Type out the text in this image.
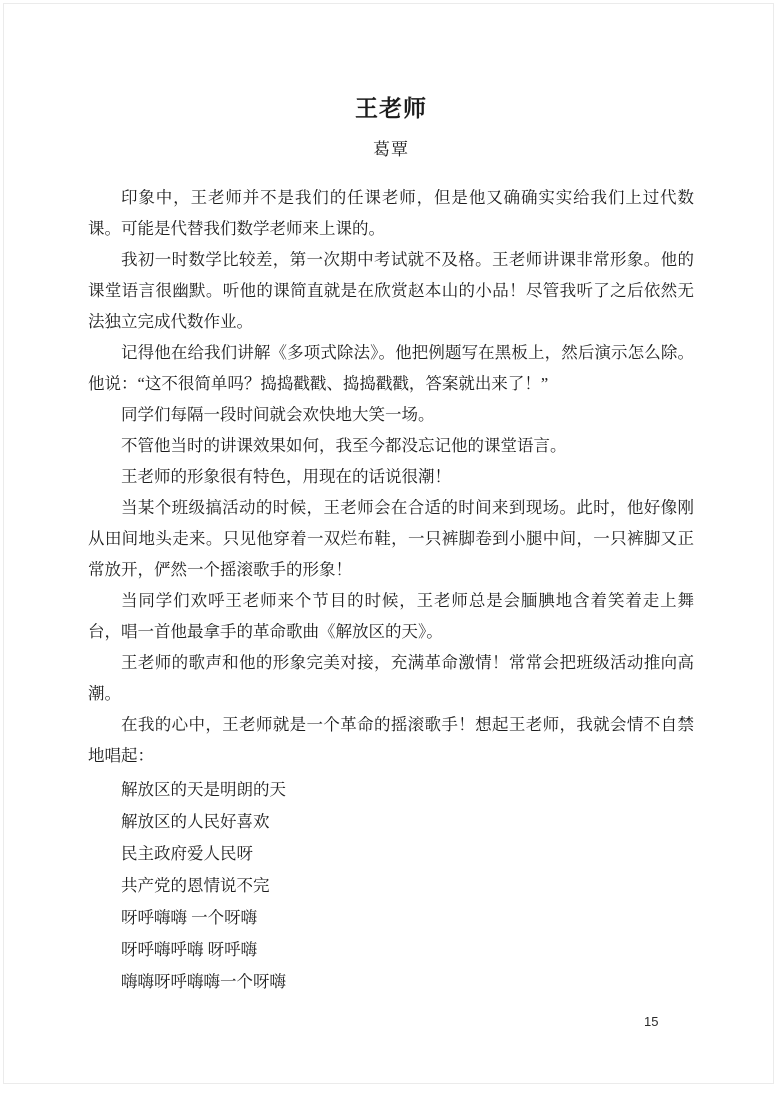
王老师
葛覃

印象中，王老师并不是我们的任课老师，但是他又确确实实给我们上过代数课。可能是代替我们数学老师来上课的。

我初一时数学比较差，第一次期中考试就不及格。王老师讲课非常形象。他的课堂语言很幽默。听他的课简直就是在欣赏赵本山的小品！尽管我听了之后依然无法独立完成代数作业。

记得他在给我们讲解《多项式除法》。他把例题写在黑板上，然后演示怎么除。他说：“这不很简单吗？捣捣戳戳、捣捣戳戳，答案就出来了！”

同学们每隔一段时间就会欢快地大笑一场。

不管他当时的讲课效果如何，我至今都没忘记他的课堂语言。

王老师的形象很有特色，用现在的话说很潮！

当某个班级搞活动的时候，王老师会在合适的时间来到现场。此时，他好像刚从田间地头走来。只见他穿着一双烂布鞋，一只裤脚卷到小腿中间，一只裤脚又正常放开，俨然一个摇滚歌手的形象！

当同学们欢呼王老师来个节目的时候，王老师总是会腼腆地含着笑着走上舞台，唱一首他最拿手的革命歌曲《解放区的天》。

王老师的歌声和他的形象完美对接，充满革命激情！常常会把班级活动推向高潮。

在我的心中，王老师就是一个革命的摇滚歌手！想起王老师，我就会情不自禁地唱起：

解放区的天是明朗的天

解放区的人民好喜欢

民主政府爱人民呀

共产党的恩情说不完

呀呼嗨嗨 一个呀嗨

呀呼嗨呼嗨 呀呼嗨

嗨嗨呀呼嗨嗨一个呀嗨

15
